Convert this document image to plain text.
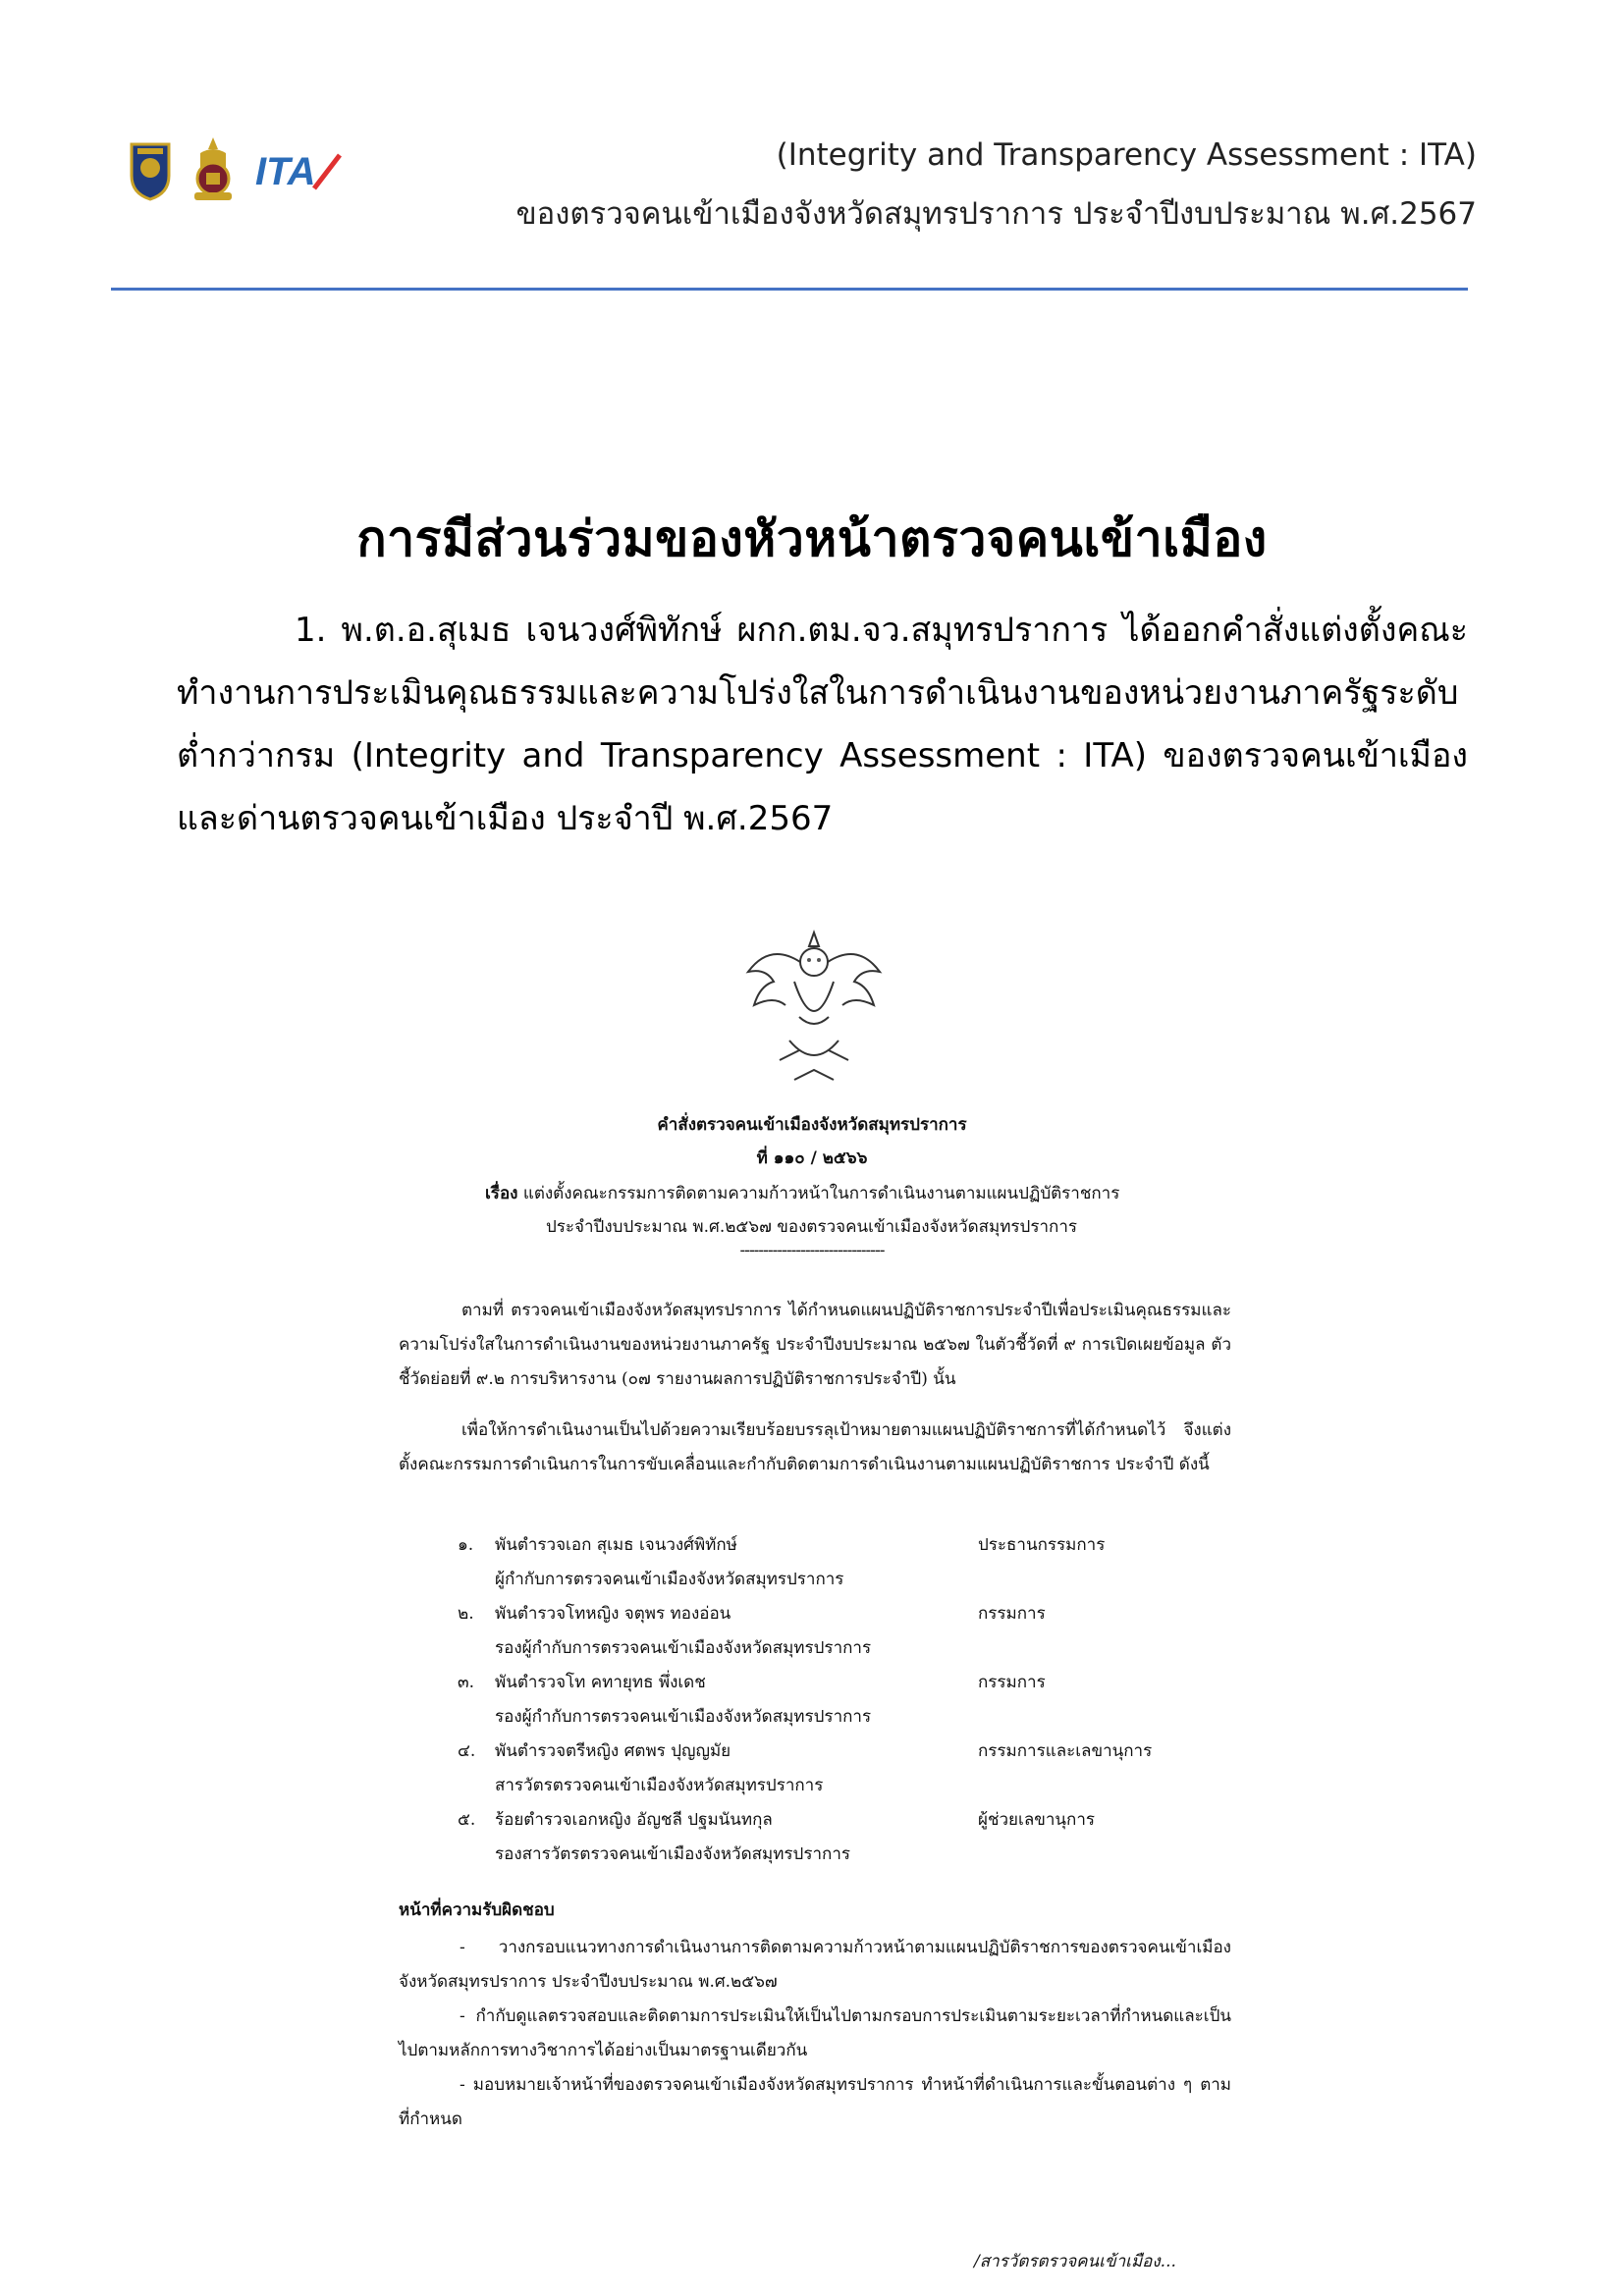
ITA	(Integrity and Transparency Assessment : ITA)
ของตรวจคนเข้าเมืองจังหวัดสมุทรปราการ ประจำปีงบประมาณ พ.ศ.2567
การมีส่วนร่วมของหัวหน้าตรวจคนเข้าเมือง
1. พ.ต.อ.สุเมธ เจนวงศ์พิทักษ์ ผกก.ตม.จว.สมุทรปราการ ได้ออกคำสั่งแต่งตั้งคณะทำงานการประเมินคุณธรรมและความโปร่งใสในการดำเนินงานของหน่วยงานภาครัฐระดับต่ำกว่ากรม (Integrity and Transparency Assessment : ITA) ของตรวจคนเข้าเมืองและด่านตรวจคนเข้าเมือง ประจำปี พ.ศ.2567
คำสั่งตรวจคนเข้าเมืองจังหวัดสมุทรปราการ
ที่ ๑๑๐ / ๒๕๖๖
เรื่อง แต่งตั้งคณะกรรมการติดตามความก้าวหน้าในการดำเนินงานตามแผนปฏิบัติราชการ
ประจำปีงบประมาณ พ.ศ.๒๕๖๗ ของตรวจคนเข้าเมืองจังหวัดสมุทรปราการ
-------------------------------
ตามที่ ตรวจคนเข้าเมืองจังหวัดสมุทรปราการ ได้กำหนดแผนปฏิบัติราชการประจำปีเพื่อประเมินคุณธรรมและความโปร่งใสในการดำเนินงานของหน่วยงานภาครัฐ ประจำปีงบประมาณ ๒๕๖๗ ในตัวชี้วัดที่ ๙ การเปิดเผยข้อมูล ตัวชี้วัดย่อยที่ ๙.๒ การบริหารงาน (๐๗ รายงานผลการปฏิบัติราชการประจำปี) นั้น
เพื่อให้การดำเนินงานเป็นไปด้วยความเรียบร้อยบรรลุเป้าหมายตามแผนปฏิบัติราชการที่ได้กำหนดไว้ จึงแต่งตั้งคณะกรรมการดำเนินการในการขับเคลื่อนและกำกับติดตามการดำเนินงานตามแผนปฏิบัติราชการ ประจำปี ดังนี้
๑. พันตำรวจเอก สุเมธ เจนวงศ์พิทักษ์	ประธานกรรมการ
ผู้กำกับการตรวจคนเข้าเมืองจังหวัดสมุทรปราการ
๒. พันตำรวจโทหญิง จตุพร ทองอ่อน	กรรมการ
รองผู้กำกับการตรวจคนเข้าเมืองจังหวัดสมุทรปราการ
๓. พันตำรวจโท คทายุทธ พึ่งเดช	กรรมการ
รองผู้กำกับการตรวจคนเข้าเมืองจังหวัดสมุทรปราการ
๔. พันตำรวจตรีหญิง ศตพร ปุญญมัย	กรรมการและเลขานุการ
สารวัตรตรวจคนเข้าเมืองจังหวัดสมุทรปราการ
๕. ร้อยตำรวจเอกหญิง อัญชลี ปฐมนันทกุล	ผู้ช่วยเลขานุการ
รองสารวัตรตรวจคนเข้าเมืองจังหวัดสมุทรปราการ
หน้าที่ความรับผิดชอบ
- วางกรอบแนวทางการดำเนินงานการติดตามความก้าวหน้าตามแผนปฏิบัติราชการของตรวจคนเข้าเมืองจังหวัดสมุทรปราการ ประจำปีงบประมาณ พ.ศ.๒๕๖๗
- กำกับดูแลตรวจสอบและติดตามการประเมินให้เป็นไปตามกรอบการประเมินตามระยะเวลาที่กำหนดและเป็นไปตามหลักการทางวิชาการได้อย่างเป็นมาตรฐานเดียวกัน
- มอบหมายเจ้าหน้าที่ของตรวจคนเข้าเมืองจังหวัดสมุทรปราการ ทำหน้าที่ดำเนินการและขั้นตอนต่าง ๆ ตามที่กำหนด
/สารวัตรตรวจคนเข้าเมือง...
